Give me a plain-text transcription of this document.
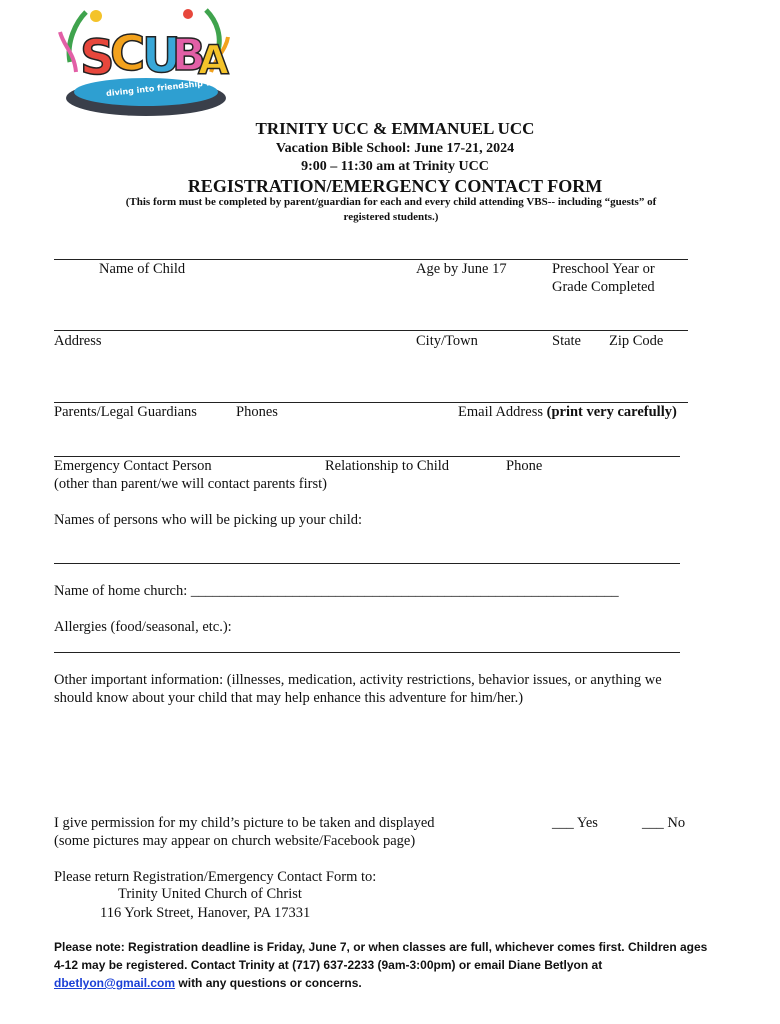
S
C
U
B
A
diving into friendship with God
TRINITY UCC & EMMANUEL UCC
Vacation Bible School: June 17-21, 2024
9:00 – 11:30 am at Trinity UCC
REGISTRATION/EMERGENCY CONTACT FORM
(This form must be completed by parent/guardian for each and every child attending VBS-- including “guests” of
registered students.)
Name of Child	Age by June 17	Preschool Year or
Grade Completed
Address	City/Town	State Zip Code
Parents/Legal Guardians	Phones	Email Address (print very carefully)
Emergency Contact Person	Relationship to Child	Phone
(other than parent/we will contact parents first)
Names of persons who will be picking up your child:
Name of home church: ___________________________________________________________
Allergies (food/seasonal, etc.):
Other important information: (illnesses, medication, activity restrictions, behavior issues, or anything we
should know about your child that may help enhance this adventure for him/her.)
I give permission for my child’s picture to be taken and displayed
(some pictures may appear on church website/Facebook page)
___ Yes	___ No
Please return Registration/Emergency Contact Form to:
Trinity United Church of Christ
116 York Street, Hanover, PA 17331
Please note: Registration deadline is Friday, June 7, or when classes are full, whichever comes first. Children ages 4-12 may be registered. Contact Trinity at (717) 637-2233 (9am-3:00pm) or email Diane Betlyon at dbetlyon@gmail.com with any questions or concerns.
